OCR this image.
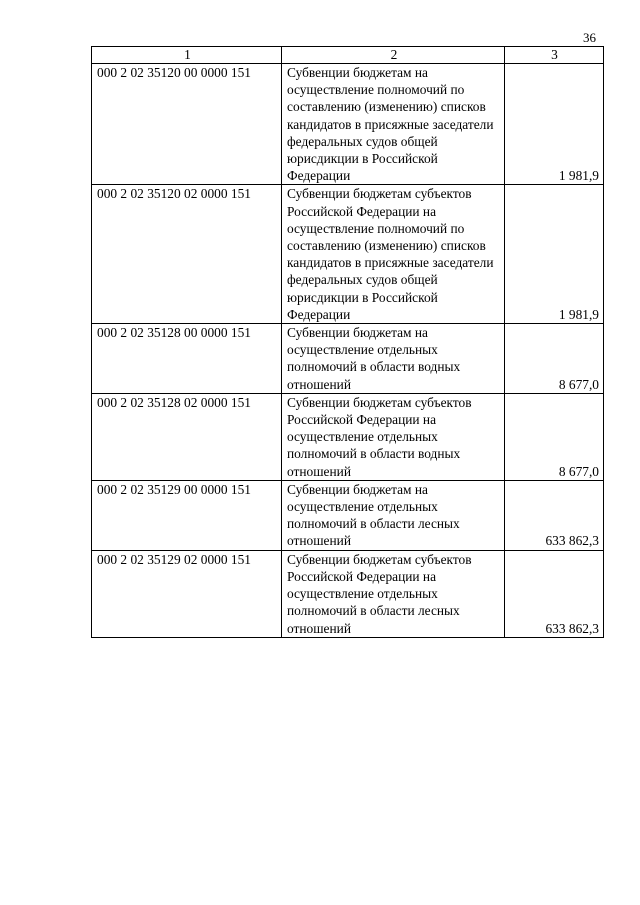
36
1	2	3
000 2 02 35120 00 0000 151	Субвенции бюджетам на осуществление полномочий по составлению (изменению) списков кандидатов в присяжные заседатели федеральных судов общей юрисдикции в Российской Федерации	1 981,9
000 2 02 35120 02 0000 151	Субвенции бюджетам субъектов Российской Федерации на осуществление полномочий по составлению (изменению) списков кандидатов в присяжные заседатели федеральных судов общей юрисдикции в Российской Федерации	1 981,9
000 2 02 35128 00 0000 151	Субвенции бюджетам на осуществление отдельных полномочий в области водных отношений	8 677,0
000 2 02 35128 02 0000 151	Субвенции бюджетам субъектов Российской Федерации на осуществление отдельных полномочий в области водных отношений	8 677,0
000 2 02 35129 00 0000 151	Субвенции бюджетам на осуществление отдельных полномочий в области лесных отношений	633 862,3
000 2 02 35129 02 0000 151	Субвенции бюджетам субъектов Российской Федерации на осуществление отдельных полномочий в области лесных отношений	633 862,3
